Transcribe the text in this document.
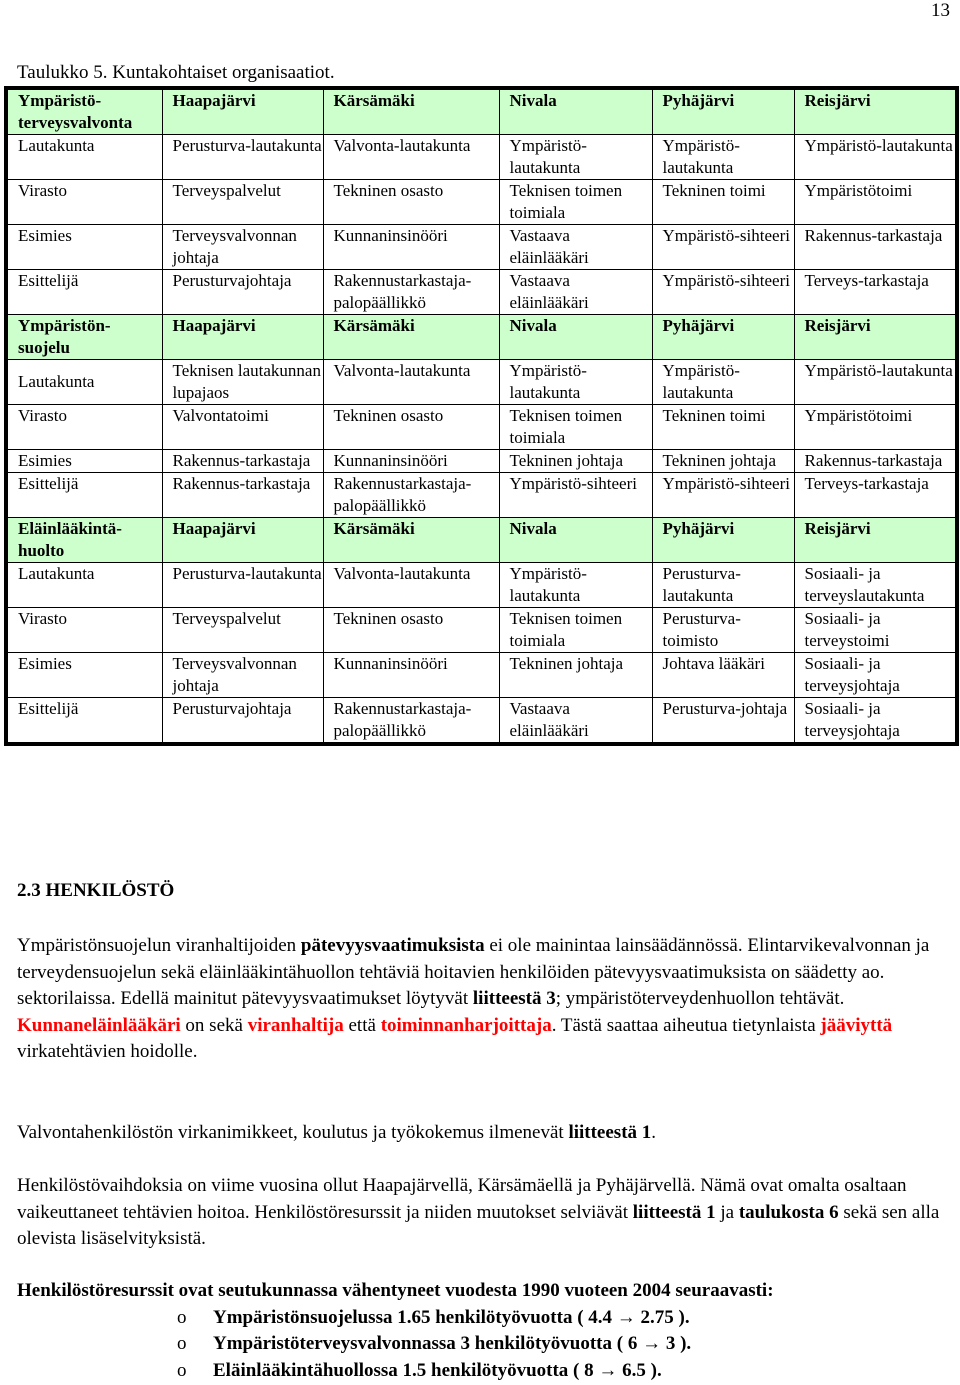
13
Taulukko 5. Kuntakohtaiset organisaatiot.
Ympäristö-terveysvalvonta	Haapajärvi	Kärsämäki	Nivala	Pyhäjärvi	Reisjärvi
Lautakunta	Perusturva-lautakunta	Valvonta-lautakunta	Ympäristö-lautakunta	Ympäristö-lautakunta	Ympäristö-lautakunta
Virasto	Terveyspalvelut	Tekninen osasto	Teknisen toimen toimiala	Tekninen toimi	Ympäristötoimi
Esimies	Terveysvalvonnan johtaja	Kunnaninsinööri	Vastaava eläinlääkäri	Ympäristö-sihteeri	Rakennus-tarkastaja
Esittelijä	Perusturvajohtaja	Rakennustarkastaja-palopäällikkö	Vastaava eläinlääkäri	Ympäristö-sihteeri	Terveys-tarkastaja
Ympäristön-suojelu	Haapajärvi	Kärsämäki	Nivala	Pyhäjärvi	Reisjärvi
Lautakunta	Teknisen lautakunnan lupajaos	Valvonta-lautakunta	Ympäristö-lautakunta	Ympäristö-lautakunta	Ympäristö-lautakunta
Virasto	Valvontatoimi	Tekninen osasto	Teknisen toimen toimiala	Tekninen toimi	Ympäristötoimi
Esimies	Rakennus-tarkastaja	Kunnaninsinööri	Tekninen johtaja	Tekninen johtaja	Rakennus-tarkastaja
Esittelijä	Rakennus-tarkastaja	Rakennustarkastaja-palopäällikkö	Ympäristö-sihteeri	Ympäristö-sihteeri	Terveys-tarkastaja
Eläinlääkintä-huolto	Haapajärvi	Kärsämäki	Nivala	Pyhäjärvi	Reisjärvi
Lautakunta	Perusturva-lautakunta	Valvonta-lautakunta	Ympäristö-lautakunta	Perusturva-lautakunta	Sosiaali- ja terveyslautakunta
Virasto	Terveyspalvelut	Tekninen osasto	Teknisen toimen toimiala	Perusturva-toimisto	Sosiaali- ja terveystoimi
Esimies	Terveysvalvonnan johtaja	Kunnaninsinööri	Tekninen johtaja	Johtava lääkäri	Sosiaali- ja terveysjohtaja
Esittelijä	Perusturvajohtaja	Rakennustarkastaja-palopäällikkö	Vastaava eläinlääkäri	Perusturva-johtaja	Sosiaali- ja terveysjohtaja
2.3 HENKILÖSTÖ
Ympäristönsuojelun viranhaltijoiden pätevyysvaatimuksista ei ole mainintaa lainsäädännössä. Elintarvikevalvonnan ja terveydensuojelun sekä eläinlääkintähuollon tehtäviä hoitavien henkilöiden pätevyysvaatimuksista on säädetty ao. sektorilaissa. Edellä mainitut pätevyysvaatimukset löytyvät liitteestä 3; ympäristöterveydenhuollon tehtävät.
Kunnaneläinlääkäri on sekä viranhaltija että toiminnanharjoittaja. Tästä saattaa aiheutua tietynlaista jääviyttä virkatehtävien hoidolle.
Valvontahenkilöstön virkanimikkeet, koulutus ja työkokemus ilmenevät liitteestä 1.
Henkilöstövaihdoksia on viime vuosina ollut Haapajärvellä, Kärsämäellä ja Pyhäjärvellä. Nämä ovat omalta osaltaan vaikeuttaneet tehtävien hoitoa. Henkilöstöresurssit ja niiden muutokset selviävät liitteestä 1 ja taulukosta 6 sekä sen alla olevista lisäselvityksistä.
Henkilöstöresurssit ovat seutukunnassa vähentyneet vuodesta 1990 vuoteen 2004 seuraavasti:
o Ympäristönsuojelussa 1.65 henkilötyövuotta ( 4.4 → 2.75 ).
o Ympäristöterveysvalvonnassa 3 henkilötyövuotta ( 6 → 3 ).
o Eläinlääkintähuollossa 1.5 henkilötyövuotta ( 8 → 6.5 ).
